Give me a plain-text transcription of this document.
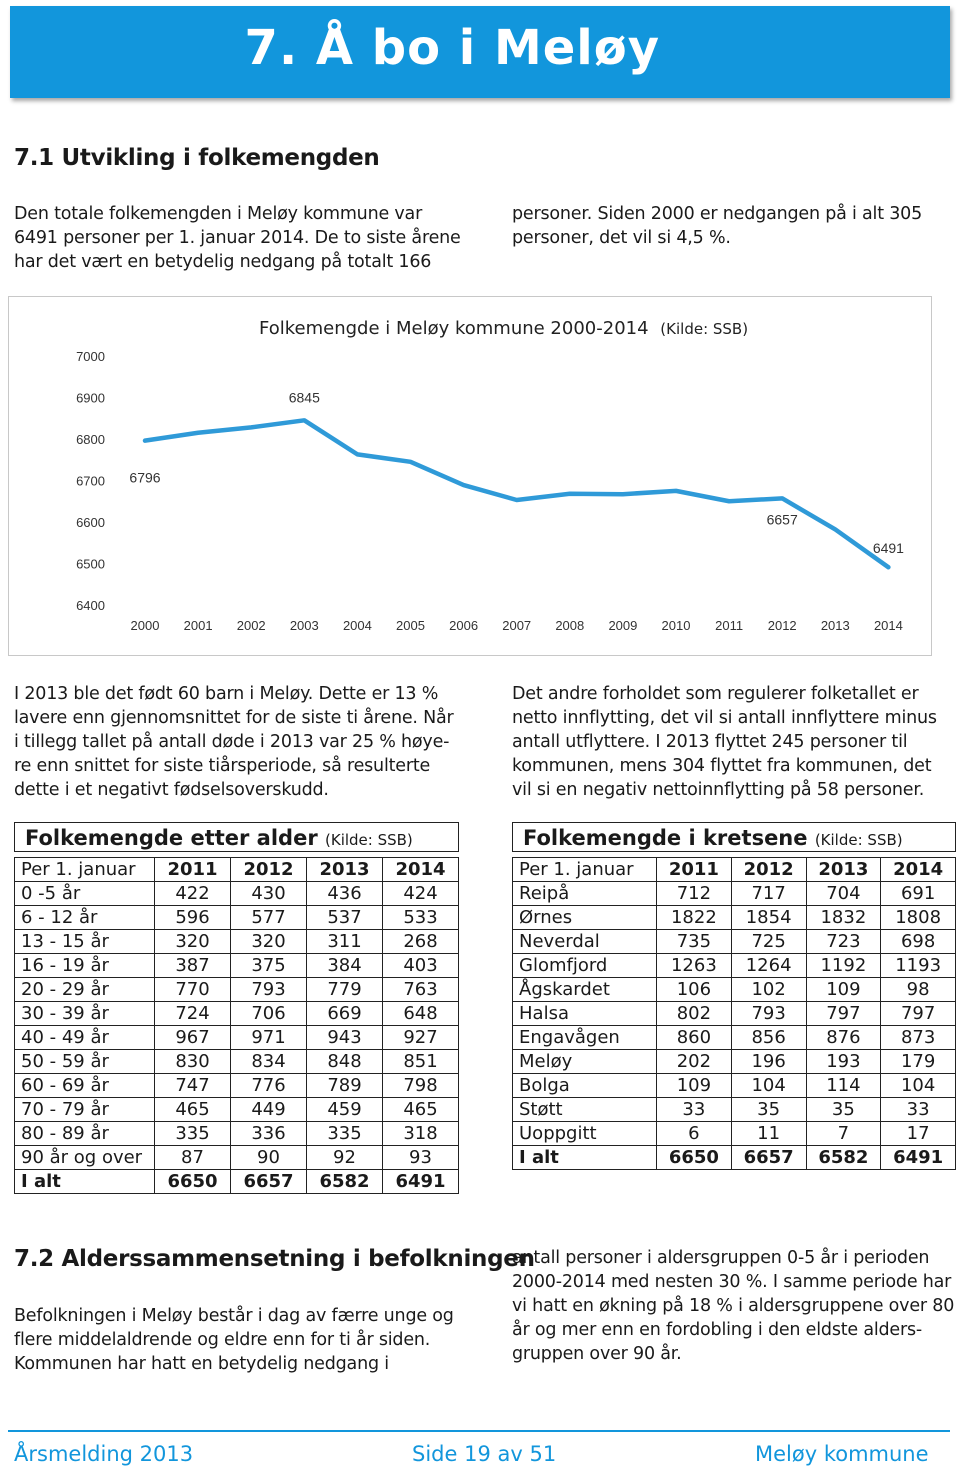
7. Å bo i Meløy
7.1 Utvikling i folkemengden

Den totale folkemengden i Meløy kommune var
6491 personer per 1. januar 2014. De to siste årene
har det vært en betydelig nedgang på totalt 166

personer. Siden 2000 er nedgangen på i alt 305
personer, det vil si 4,5 %.

Folkemengde i Meløy kommune 2000-2014 (Kilde: SSB)
7000
6900
6800
6700
6600
6500
6400
2000 2001 2002 2003 2004 2005 2006 2007 2008 2009 2010 2011 2012 2013 2014
6796
6845
6657
6491

I 2013 ble det født 60 barn i Meløy. Dette er 13 %
lavere enn gjennomsnittet for de siste ti årene. Når
i tillegg tallet på antall døde i 2013 var 25 % høye-
re enn snittet for siste tiårsperiode, så resulterte
dette i et negativt fødselsoverskudd.

Det andre forholdet som regulerer folketallet er
netto innflytting, det vil si antall innflyttere minus
antall utflyttere. I 2013 flyttet 245 personer til
kommunen, mens 304 flyttet fra kommunen, det
vil si en negativ nettoinnflytting på 58 personer.

Folkemengde etter alder (Kilde: SSB)
Per 1. januar	2011	2012	2013	2014
0 -5 år	422	430	436	424
6 - 12 år	596	577	537	533
13 - 15 år	320	320	311	268
16 - 19 år	387	375	384	403
20 - 29 år	770	793	779	763
30 - 39 år	724	706	669	648
40 - 49 år	967	971	943	927
50 - 59 år	830	834	848	851
60 - 69 år	747	776	789	798
70 - 79 år	465	449	459	465
80 - 89 år	335	336	335	318
90 år og over	87	90	92	93
I alt	6650	6657	6582	6491
Folkemengde i kretsene (Kilde: SSB)
Per 1. januar	2011	2012	2013	2014
Reipå	712	717	704	691
Ørnes	1822	1854	1832	1808
Neverdal	735	725	723	698
Glomfjord	1263	1264	1192	1193
Ågskardet	106	102	109	98
Halsa	802	793	797	797
Engavågen	860	856	876	873
Meløy	202	196	193	179
Bolga	109	104	114	104
Støtt	33	35	35	33
Uoppgitt	6	11	7	17
I alt	6650	6657	6582	6491
7.2 Alderssammensetning i befolkningen

Befolkningen i Meløy består i dag av færre unge og
flere middelaldrende og eldre enn for ti år siden.
Kommunen har hatt en betydelig nedgang i

antall personer i aldersgruppen 0-5 år i perioden
2000-2014 med nesten 30 %. I samme periode har
vi hatt en økning på 18 % i aldersgruppene over 80
år og mer enn en fordobling i den eldste alders-
gruppen over 90 år.

Årsmelding 2013	Side 19 av 51	Meløy kommune
